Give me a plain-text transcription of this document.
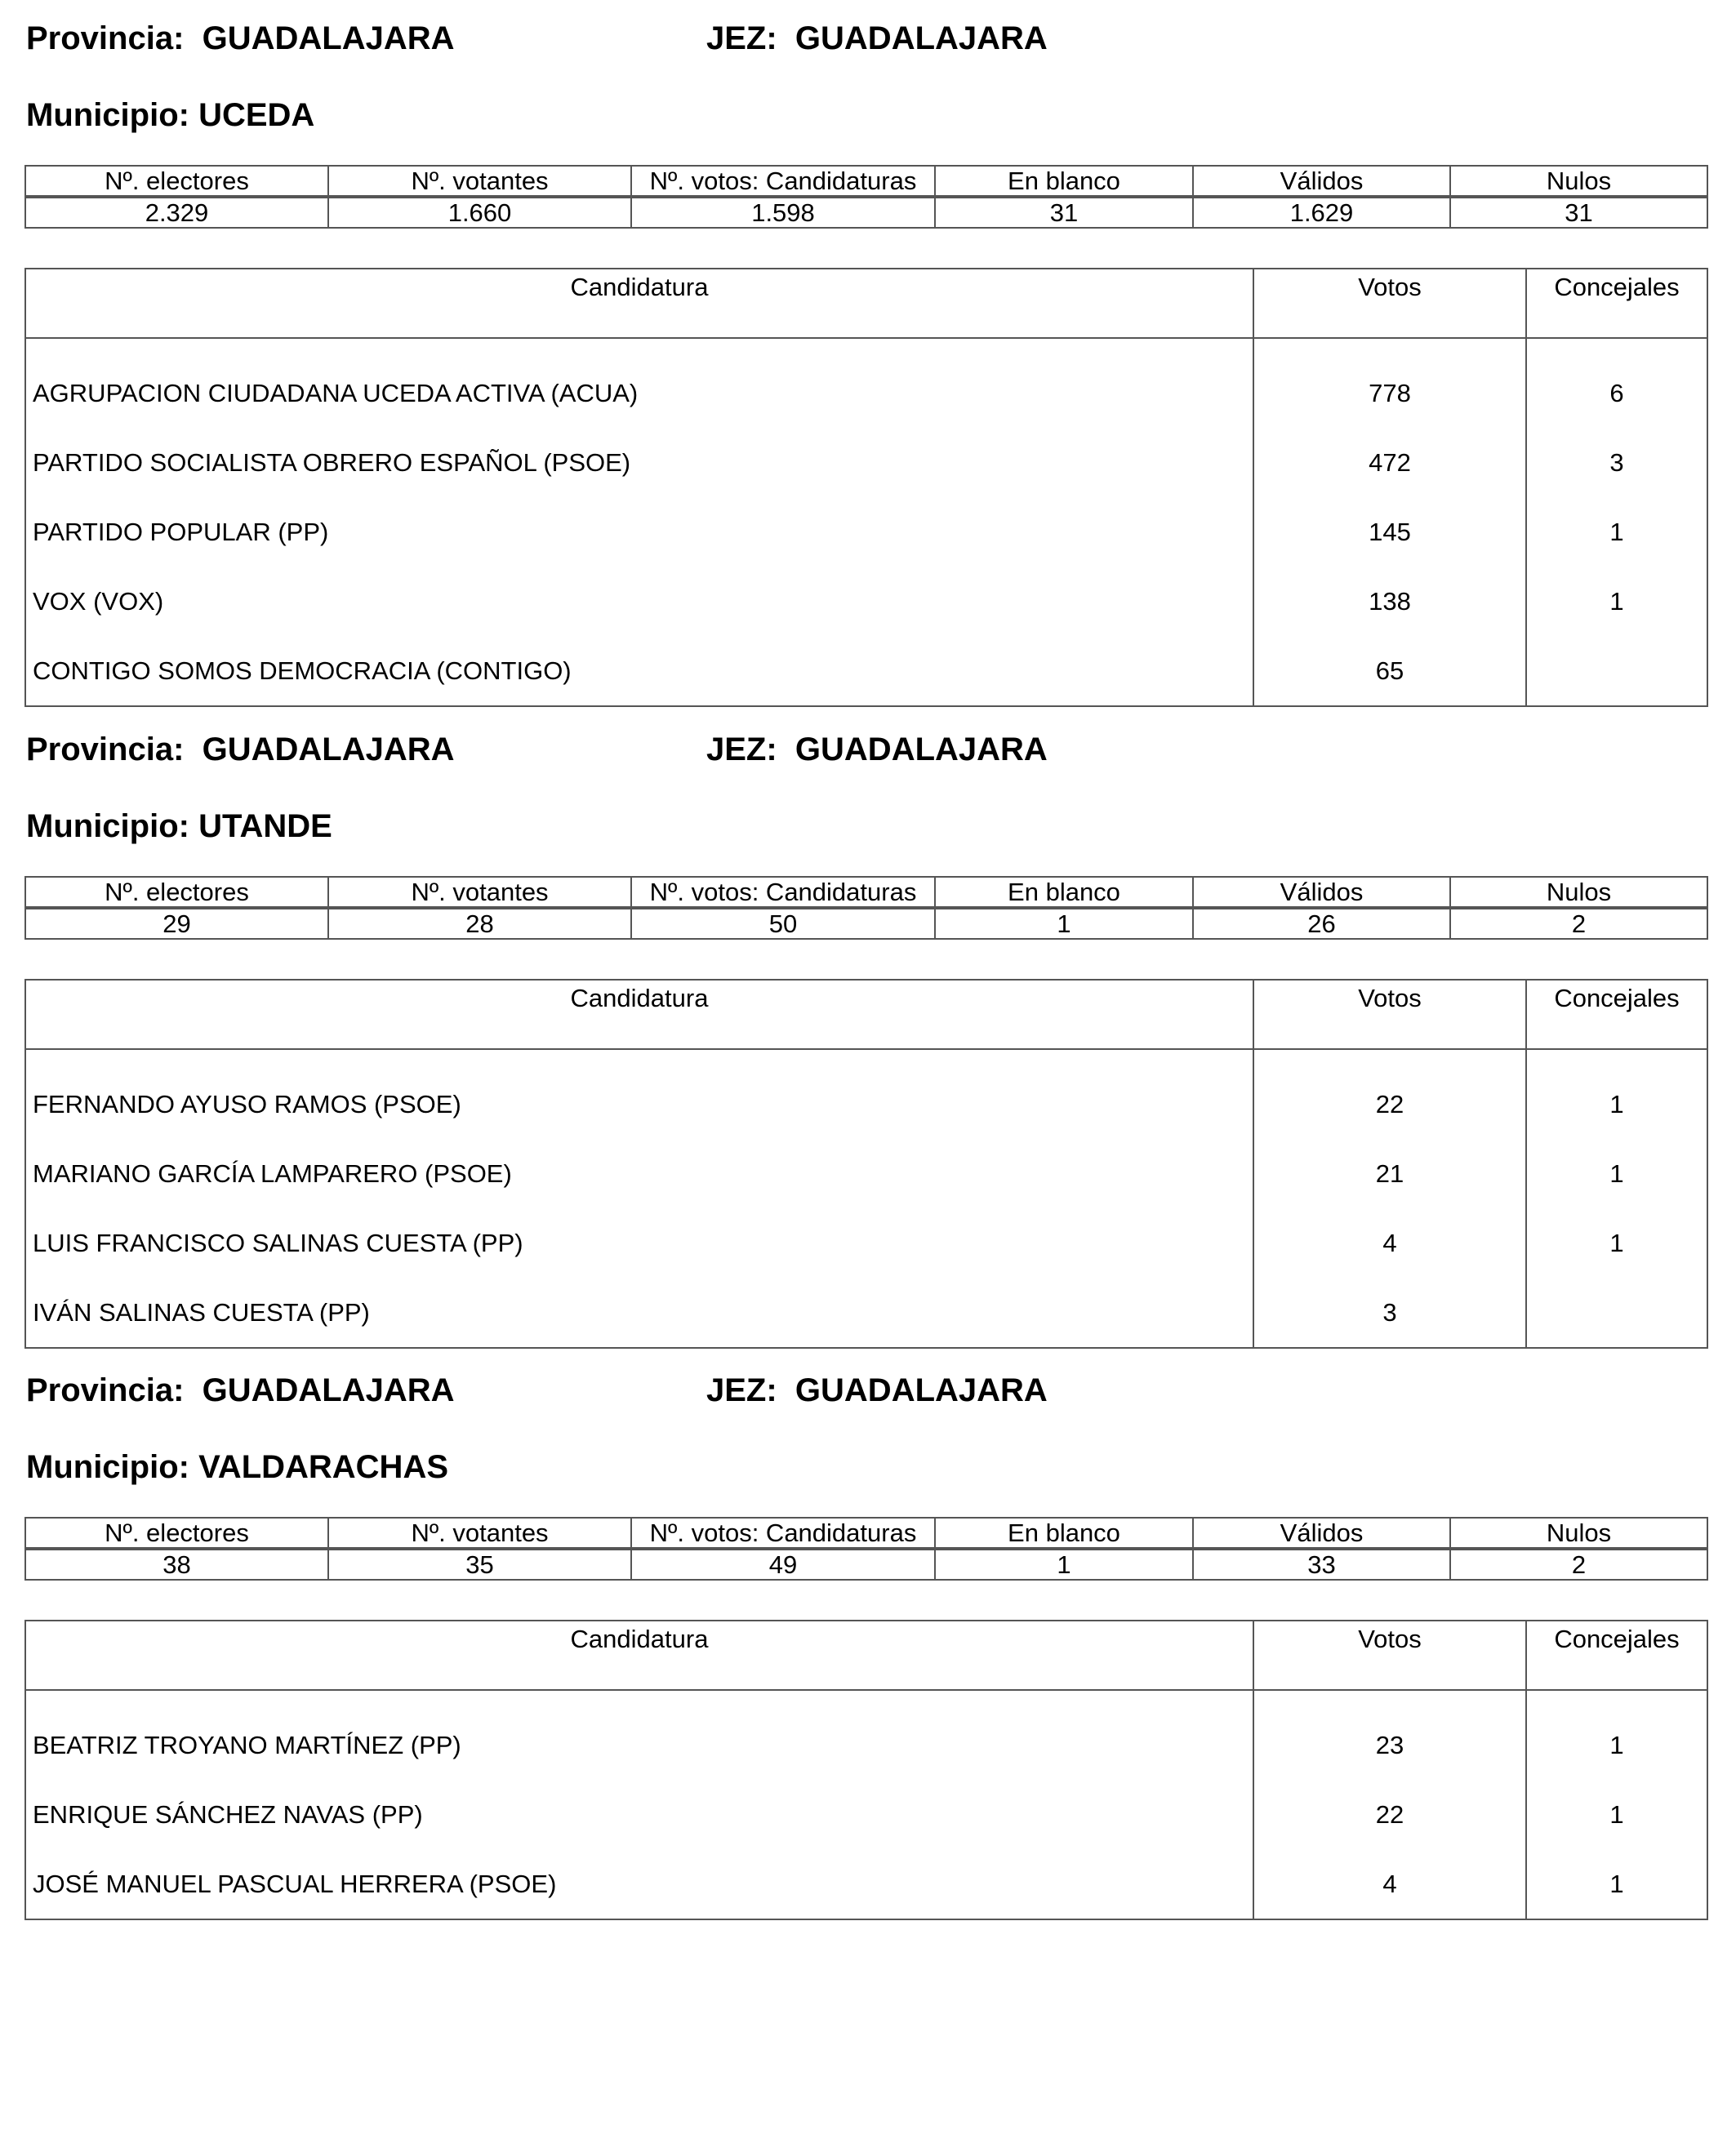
Provincia: GUADALAJARA	JEZ: GUADALAJARA
Municipio: UCEDA
Nº. electores	Nº. votantes	Nº. votos: Candidaturas	En blanco	Válidos	Nulos
2.329	1.660	1.598	31	1.629	31
Candidatura	Votos	Concejales
AGRUPACION CIUDADANA UCEDA ACTIVA (ACUA)	778	6
PARTIDO SOCIALISTA OBRERO ESPAÑOL (PSOE)	472	3
PARTIDO POPULAR (PP)	145	1
VOX (VOX)	138	1
CONTIGO SOMOS DEMOCRACIA (CONTIGO)	65	
Provincia: GUADALAJARA	JEZ: GUADALAJARA
Municipio: UTANDE
Nº. electores	Nº. votantes	Nº. votos: Candidaturas	En blanco	Válidos	Nulos
29	28	50	1	26	2
Candidatura	Votos	Concejales
FERNANDO AYUSO RAMOS (PSOE)	22	1
MARIANO GARCÍA LAMPARERO (PSOE)	21	1
LUIS FRANCISCO SALINAS CUESTA (PP)	4	1
IVÁN SALINAS CUESTA (PP)	3	
Provincia: GUADALAJARA	JEZ: GUADALAJARA
Municipio: VALDARACHAS
Nº. electores	Nº. votantes	Nº. votos: Candidaturas	En blanco	Válidos	Nulos
38	35	49	1	33	2
Candidatura	Votos	Concejales
BEATRIZ TROYANO MARTÍNEZ (PP)	23	1
ENRIQUE SÁNCHEZ NAVAS (PP)	22	1
JOSÉ MANUEL PASCUAL HERRERA (PSOE)	4	1
